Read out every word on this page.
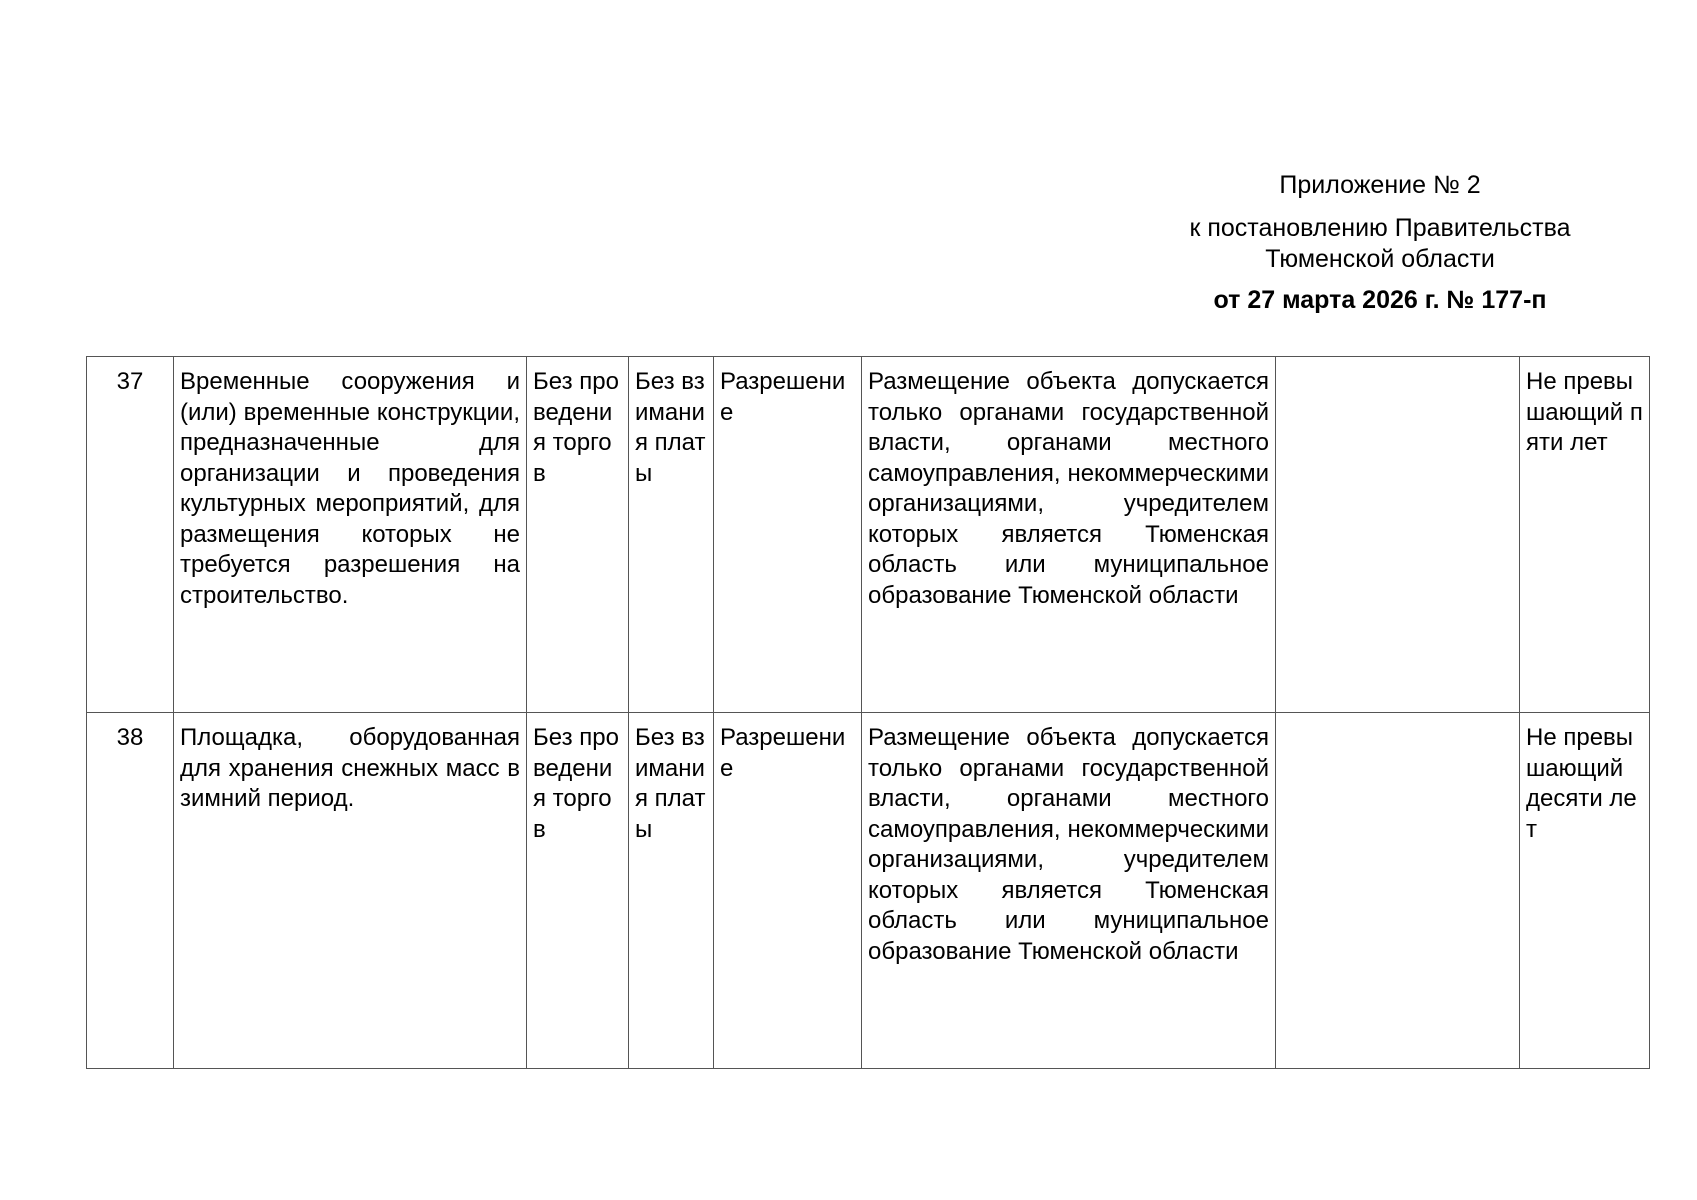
Приложение № 2
к постановлению Правительства
Тюменской области
от 27 марта 2026 г. № 177-п
37	Временные сооружения и (или) временные конструкции, предназначенные для организации и проведения культурных мероприятий, для размещения которых не требуется разрешения на строительство.	Без проведения торгов	Без взимания платы	Разрешение	Размещение объекта допускается только органами государственной власти, органами местного самоуправления, некоммерческими организациями, учредителем которых является Тюменская область или муниципальное образование Тюменской области		Не превышающий пяти лет

38	Площадка, оборудованная для хранения снежных масс в зимний период.	Без проведения торгов	Без взимания платы	Разрешение	Размещение объекта допускается только органами государственной власти, органами местного самоуправления, некоммерческими организациями, учредителем которых является Тюменская область или муниципальное образование Тюменской области		Не превышающий десяти лет
